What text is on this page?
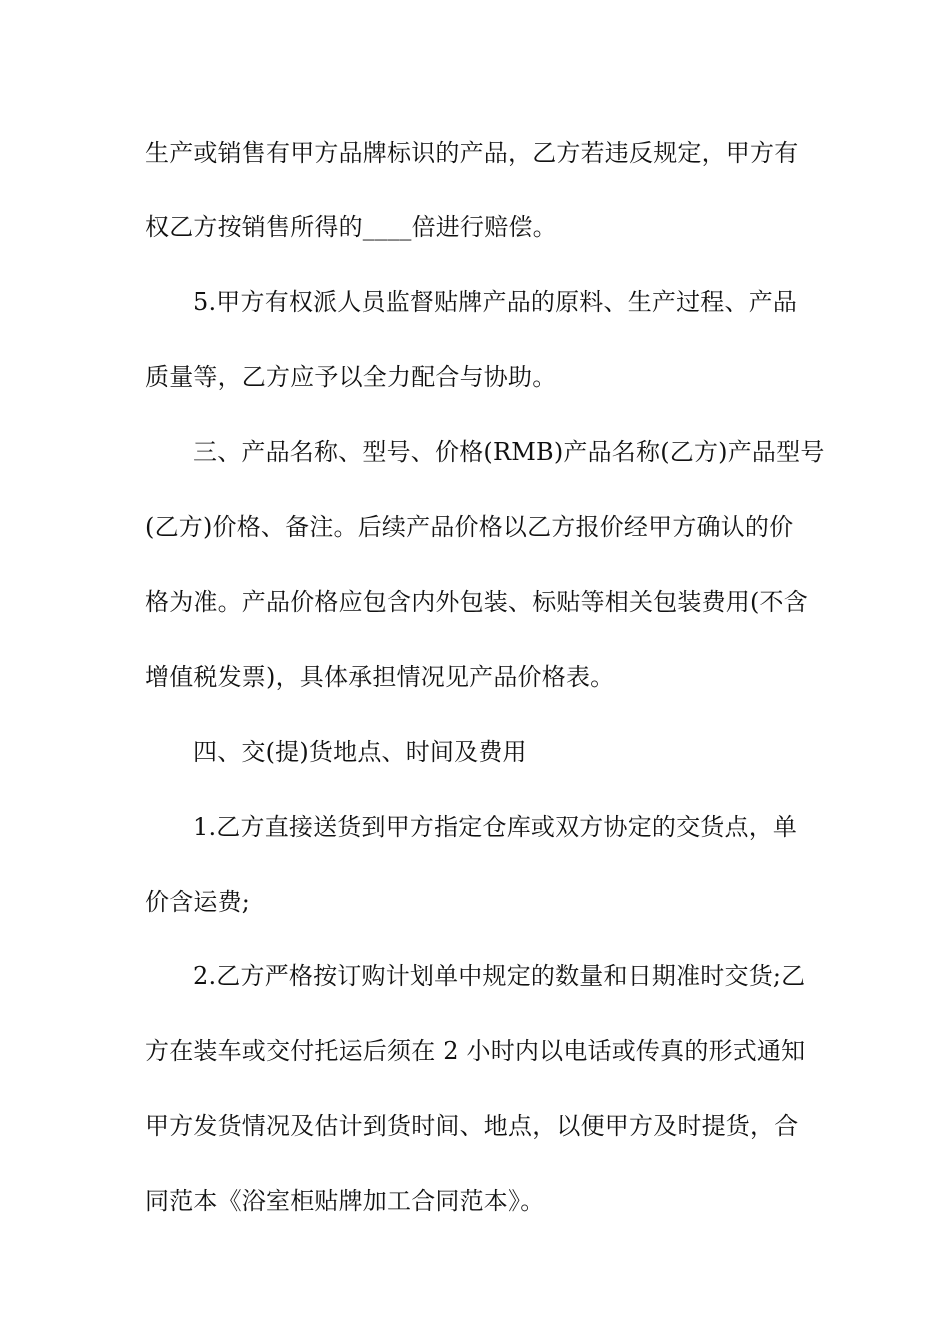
生产或销售有甲方品牌标识的产品，乙方若违反规定，甲方有
权乙方按销售所得的____倍进行赔偿。
5.甲方有权派人员监督贴牌产品的原料、生产过程、产品
质量等，乙方应予以全力配合与协助。
三、产品名称、型号、价格(RMB)产品名称(乙方)产品型号
(乙方)价格、备注。后续产品价格以乙方报价经甲方确认的价
格为准。产品价格应包含内外包装、标贴等相关包装费用(不含
增值税发票)，具体承担情况见产品价格表。
四、交(提)货地点、时间及费用
1.乙方直接送货到甲方指定仓库或双方协定的交货点，单
价含运费;
2.乙方严格按订购计划单中规定的数量和日期准时交货;乙
方在装车或交付托运后须在 2 小时内以电话或传真的形式通知
甲方发货情况及估计到货时间、地点，以便甲方及时提货，合
同范本《浴室柜贴牌加工合同范本》。
